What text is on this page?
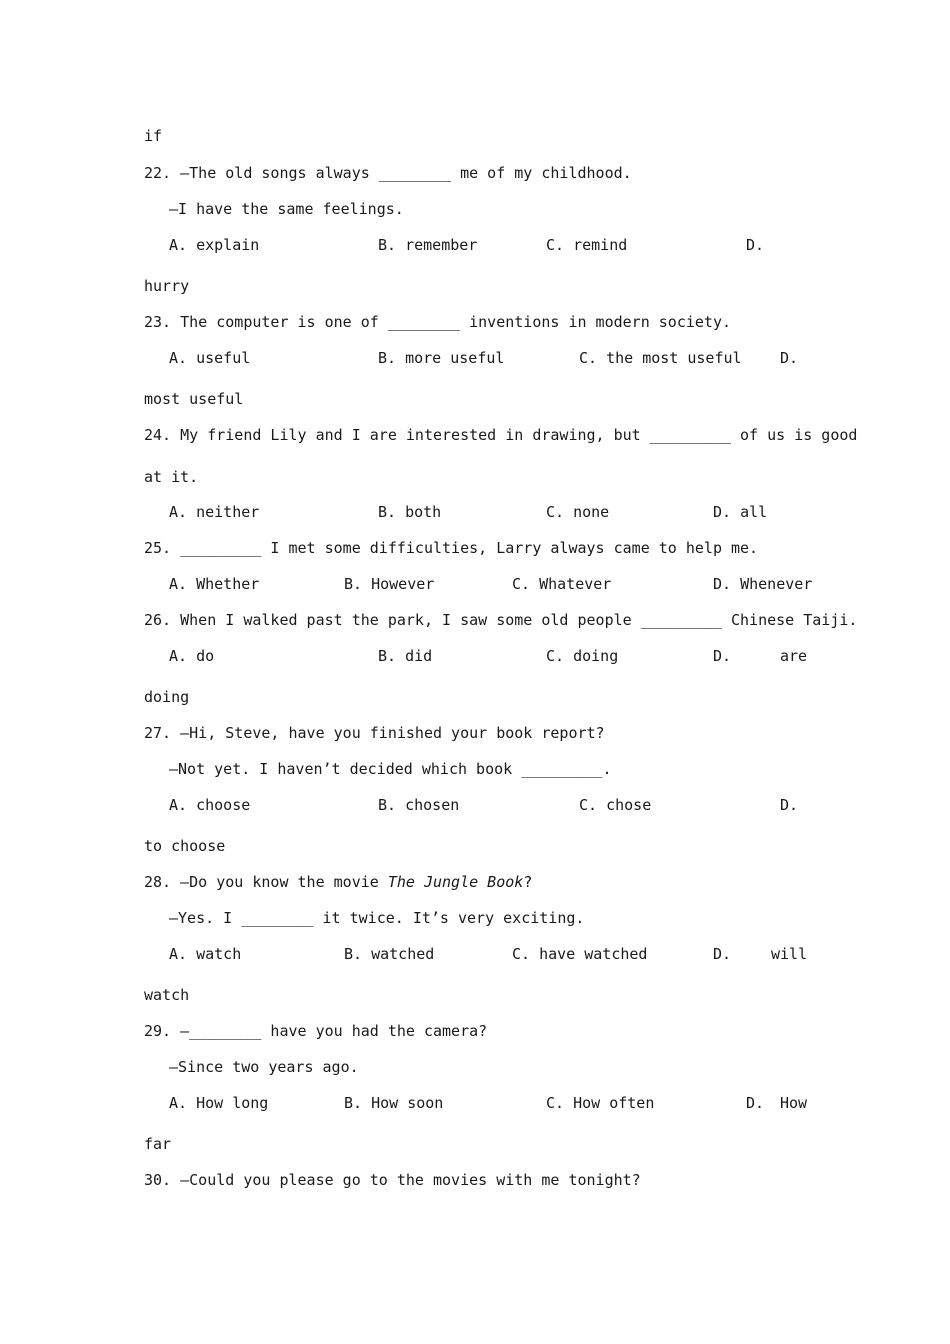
if
22. —The old songs always ________ me of my childhood.
—I have the same feelings.
A. explain	B. remember	C. remind	D.
hurry
23. The computer is one of ________ inventions in modern society.
A. useful	B. more useful	C. the most useful	D.
most useful
24. My friend Lily and I are interested in drawing, but _________ of us is good
at it.
A. neither	B. both	C. none	D. all
25. _________ I met some difficulties, Larry always came to help me.
A. Whether	B. However	C. Whatever	D. Whenever
26. When I walked past the park, I saw some old people _________ Chinese Taiji.
A. do	B. did	C. doing	D.	are
doing
27. —Hi, Steve, have you finished your book report?
—Not yet. I haven’t decided which book _________.
A. choose	B. chosen	C. chose	D.
to choose
28. —Do you know the movie The Jungle Book?
—Yes. I ________ it twice. It’s very exciting.
A. watch	B. watched	C. have watched	D.	will
watch
29. —________ have you had the camera?
—Since two years ago.
A. How long	B. How soon	C. How often	D. How
far
30. —Could you please go to the movies with me tonight?
